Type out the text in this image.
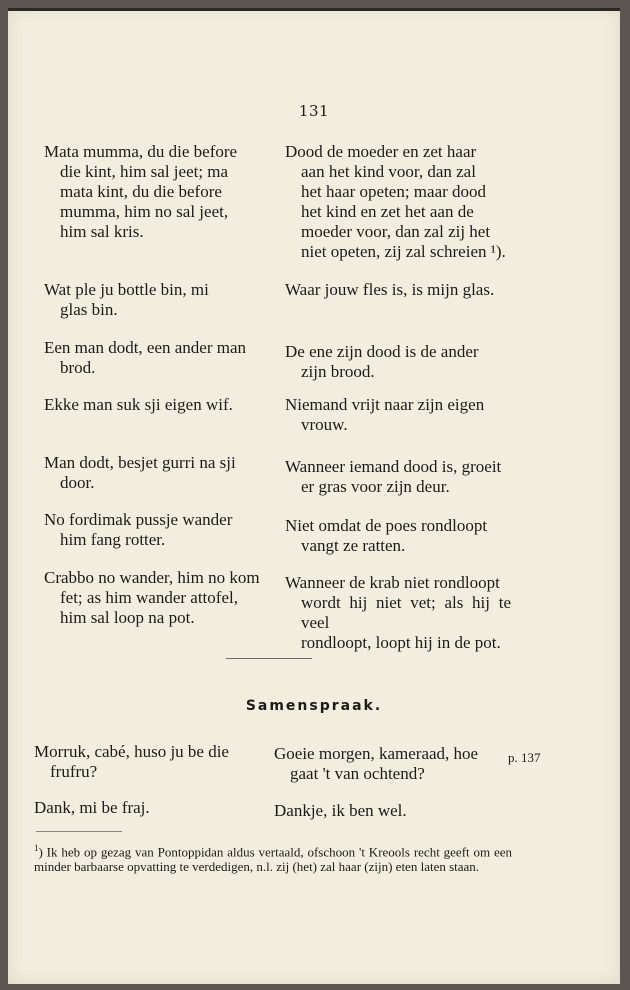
131
Mata mumma, du die before
die kint, him sal jeet; ma
mata kint, du die before
mumma, him no sal jeet,
him sal kris.
Dood de moeder en zet haar
aan het kind voor, dan zal
het haar opeten; maar dood
het kind en zet het aan de
moeder voor, dan zal zij het
niet opeten, zij zal schreien ¹).
Wat ple ju bottle bin, mi
glas bin.
Waar jouw fles is, is mijn glas.
Een man dodt, een ander man
brod.
De ene zijn dood is de ander
zijn brood.
Ekke man suk sji eigen wif.	Niemand vrijt naar zijn eigen
vrouw.
Man dodt, besjet gurri na sji
door.
Wanneer iemand dood is, groeit
er gras voor zijn deur.
No fordimak pussje wander
him fang rotter.
Niet omdat de poes rondloopt
vangt ze ratten.
Crabbo no wander, him no kom
fet; as him wander attofel,
him sal loop na pot.
Wanneer de krab niet rondloopt
wordt hij niet vet; als hij te veel
rondloopt, loopt hij in de pot.
Samenspraak.
Morruk, cabé, huso ju be die
frufru?
Goeie morgen, kameraad, hoe
gaat 't van ochtend?
p. 137
Dank, mi be fraj.	Dankje, ik ben wel.
$^1$) Ik heb op gezag van Pontoppidan aldus vertaald, ofschoon 't Kreools recht geeft om een minder barbaarse opvatting te verdedigen, n.l. zij (het) zal haar (zijn) eten laten staan.
